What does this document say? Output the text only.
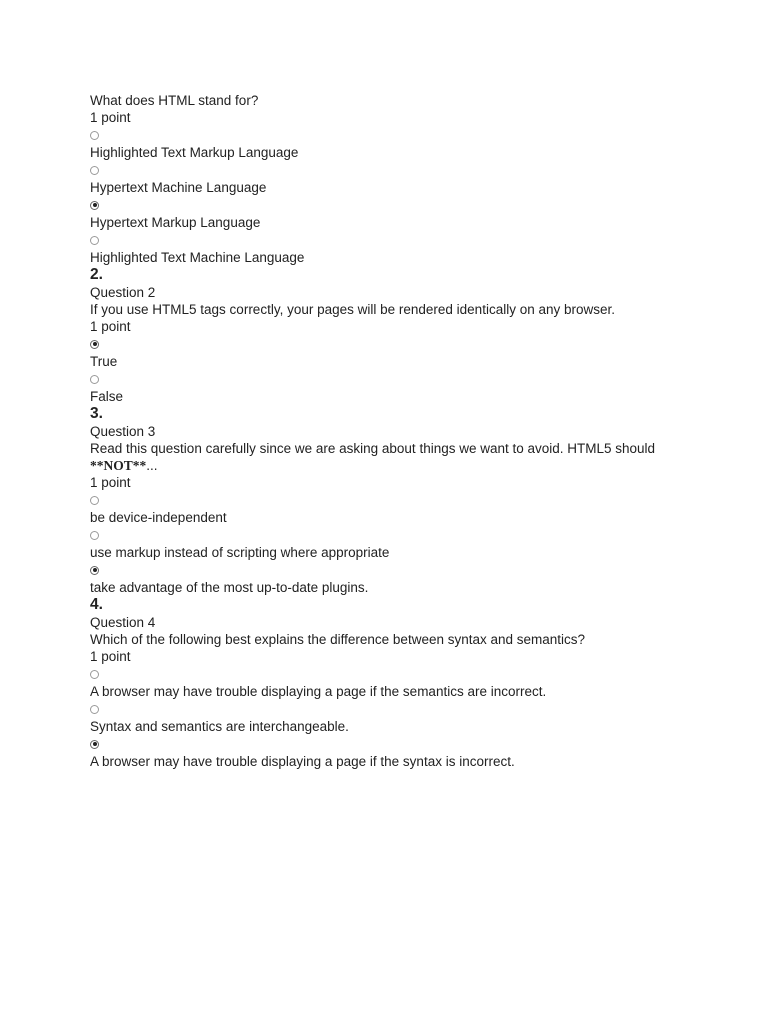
What does HTML stand for?
1 point
Highlighted Text Markup Language
Hypertext Machine Language
Hypertext Markup Language
Highlighted Text Machine Language
2.
Question 2
If you use HTML5 tags correctly, your pages will be rendered identically on any browser.
1 point
True
False
3.
Question 3
Read this question carefully since we are asking about things we want to avoid. HTML5 should
**NOT**...
1 point
be device-independent
use markup instead of scripting where appropriate
take advantage of the most up-to-date plugins.
4.
Question 4
Which of the following best explains the difference between syntax and semantics?
1 point
A browser may have trouble displaying a page if the semantics are incorrect.
Syntax and semantics are interchangeable.
A browser may have trouble displaying a page if the syntax is incorrect.
